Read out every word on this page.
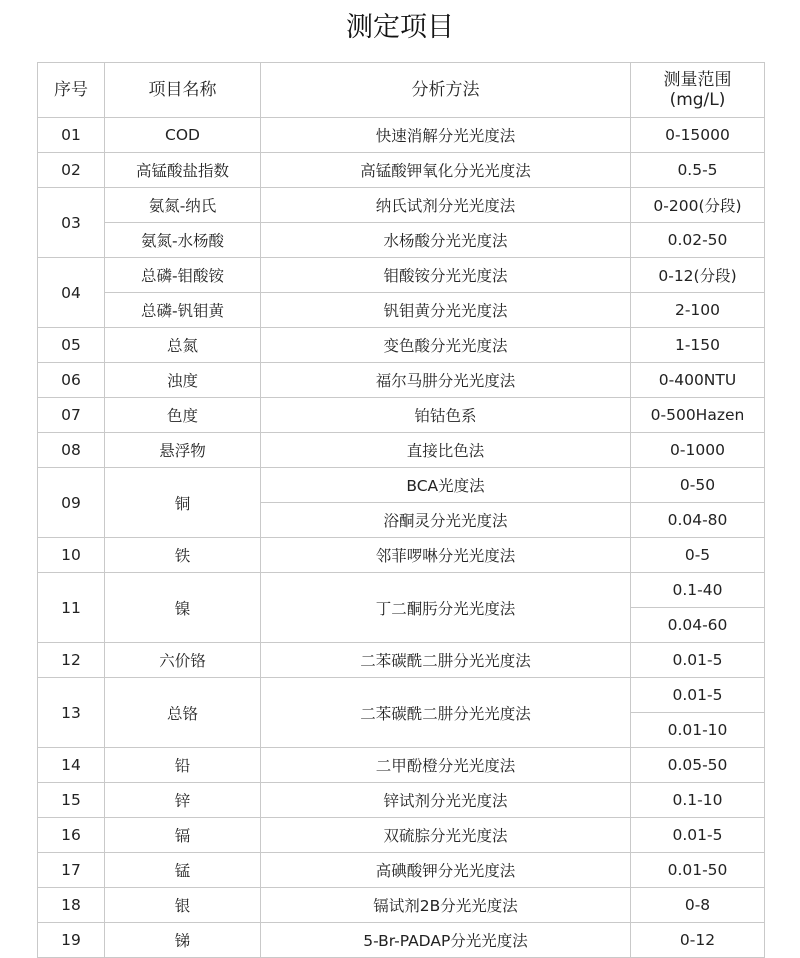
测定项目
序号	项目名称	分析方法	测量范围
(mg/L)
01	COD	快速消解分光光度法	0-15000
02	高锰酸盐指数	高锰酸钾氧化分光光度法	0.5-5
03	氨氮-纳氏	纳氏试剂分光光度法	0-200(分段)
	氨氮-水杨酸	水杨酸分光光度法	0.02-50
04	总磷-钼酸铵	钼酸铵分光光度法	0-12(分段)
	总磷-钒钼黄	钒钼黄分光光度法	2-100
05	总氮	变色酸分光光度法	1-150
06	浊度	福尔马肼分光光度法	0-400NTU
07	色度	铂钴色系	0-500Hazen
08	悬浮物	直接比色法	0-1000
09	铜	BCA光度法	0-50
		浴酮灵分光光度法	0.04-80
10	铁	邻菲啰啉分光光度法	0-5
11	镍	丁二酮肟分光光度法	0.1-40
			0.04-60
12	六价铬	二苯碳酰二肼分光光度法	0.01-5
13	总铬	二苯碳酰二肼分光光度法	0.01-5
			0.01-10
14	铅	二甲酚橙分光光度法	0.05-50
15	锌	锌试剂分光光度法	0.1-10
16	镉	双硫腙分光光度法	0.01-5
17	锰	高碘酸钾分光光度法	0.01-50
18	银	镉试剂2B分光光度法	0-8
19	锑	5-Br-PADAP分光光度法	0-12
